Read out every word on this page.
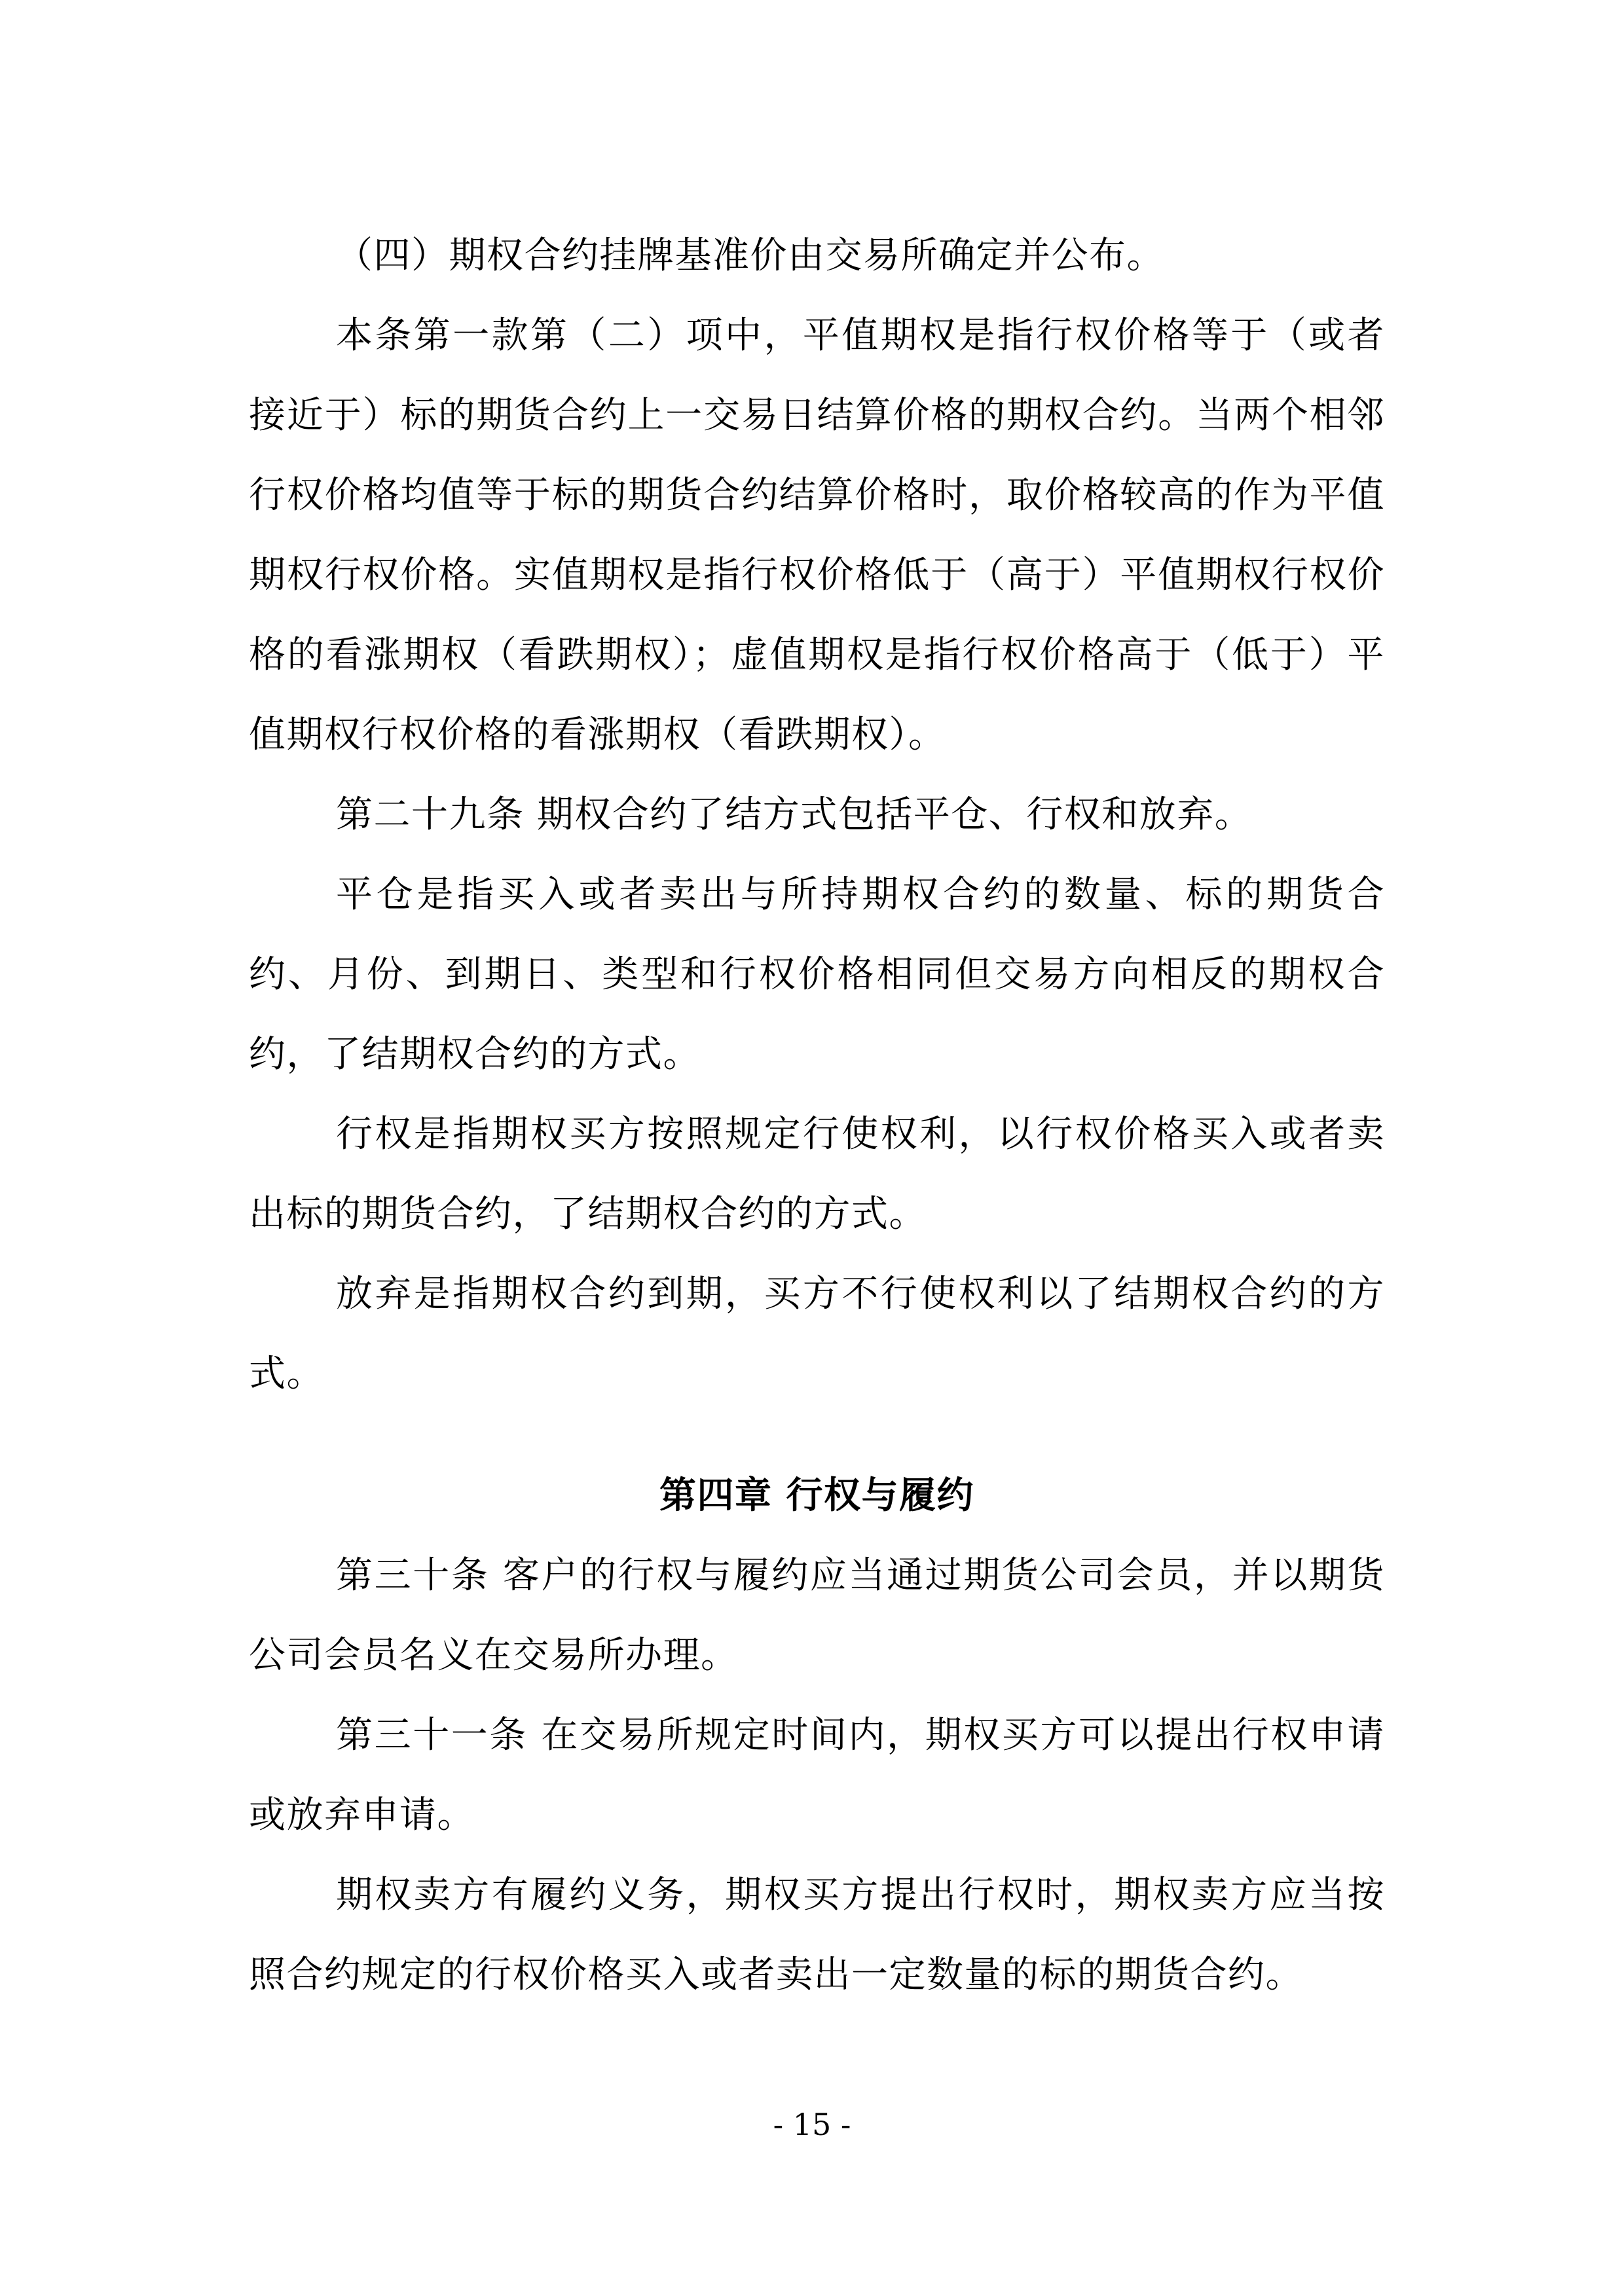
（四）期权合约挂牌基准价由交易所确定并公布。

本条第一款第（二）项中，平值期权是指行权价格等于（或者接近于）标的期货合约上一交易日结算价格的期权合约。当两个相邻行权价格均值等于标的期货合约结算价格时，取价格较高的作为平值期权行权价格。实值期权是指行权价格低于（高于）平值期权行权价格的看涨期权（看跌期权）；虚值期权是指行权价格高于（低于）平值期权行权价格的看涨期权（看跌期权）。

第二十九条 期权合约了结方式包括平仓、行权和放弃。

平仓是指买入或者卖出与所持期权合约的数量、标的期货合约、月份、到期日、类型和行权价格相同但交易方向相反的期权合约，了结期权合约的方式。

行权是指期权买方按照规定行使权利，以行权价格买入或者卖出标的期货合约，了结期权合约的方式。

放弃是指期权合约到期，买方不行使权利以了结期权合约的方式。

第四章 行权与履约

第三十条 客户的行权与履约应当通过期货公司会员，并以期货公司会员名义在交易所办理。

第三十一条 在交易所规定时间内，期权买方可以提出行权申请或放弃申请。

期权卖方有履约义务，期权买方提出行权时，期权卖方应当按照合约规定的行权价格买入或者卖出一定数量的标的期货合约。

- 15 -
